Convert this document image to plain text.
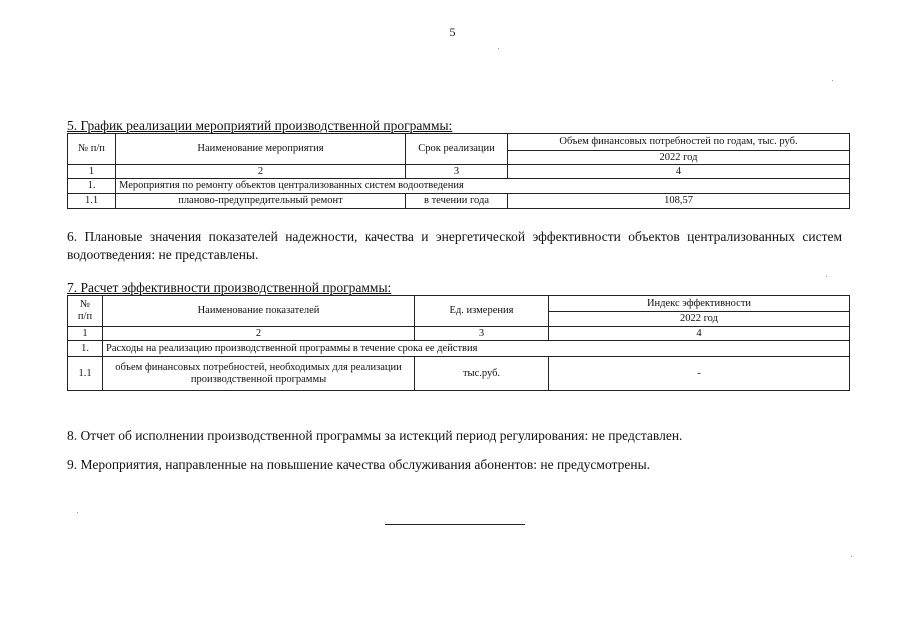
5
5. График реализации мероприятий производственной программы:
№ п/п	Наименование мероприятия	Срок реализации	Объем финансовых потребностей по годам, тыс. руб.
			2022 год
1	2	3	4
1.	Мероприятия по ремонту объектов централизованных систем водоотведения		
1.1	планово-предупредительный ремонт	в течении года	108,57
6. Плановые значения показателей надежности, качества и энергетической эффективности объектов централизованных систем водоотведения: не представлены.
7. Расчет эффективности производственной программы:
№
п/п	Наименование показателей	Ед. измерения	Индекс эффективности
			2022 год
1	2	3	4
1.	Расходы на реализацию производственной программы в течение срока ее действия		
1.1	объем финансовых потребностей, необходимых для реализации производственной программы	тыс.руб.	-
8. Отчет об исполнении производственной программы за истекций период регулирования: не представлен.
9. Мероприятия, направленные на повышение качества обслуживания абонентов: не предусмотрены.
